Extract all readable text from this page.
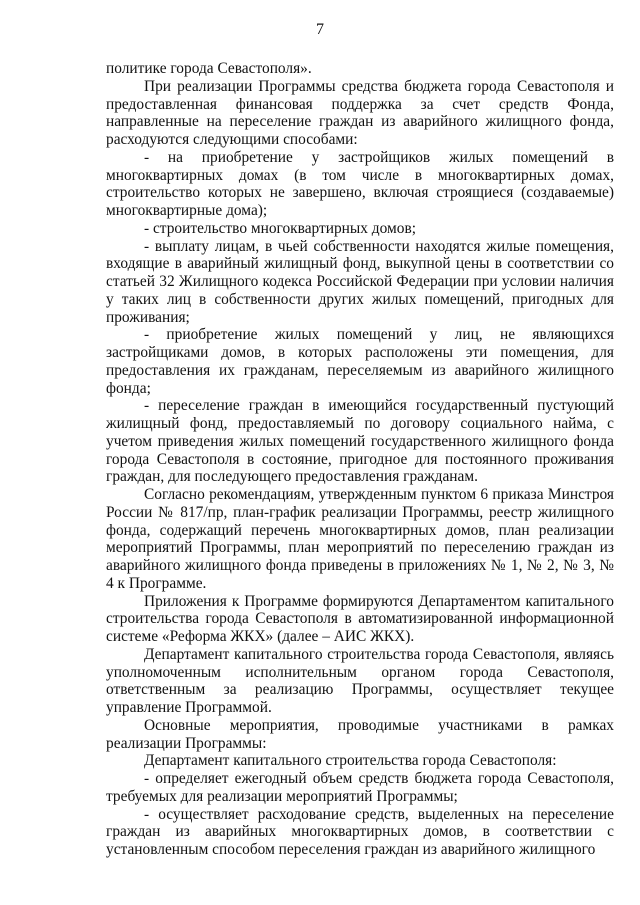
7

политике города Севастополя».

При реализации Программы средства бюджета города Севастополя и предоставленная финансовая поддержка за счет средств Фонда, направленные на переселение граждан из аварийного жилищного фонда, расходуются следующими способами:

- на приобретение у застройщиков жилых помещений в многоквартирных домах (в том числе в многоквартирных домах, строительство которых не завершено, включая строящиеся (создаваемые) многоквартирные дома);

- строительство многоквартирных домов;

- выплату лицам, в чьей собственности находятся жилые помещения, входящие в аварийный жилищный фонд, выкупной цены в соответствии со статьей 32 Жилищного кодекса Российской Федерации при условии наличия у таких лиц в собственности других жилых помещений, пригодных для проживания;

- приобретение жилых помещений у лиц, не являющихся застройщиками домов, в которых расположены эти помещения, для предоставления их гражданам, переселяемым из аварийного жилищного фонда;

- переселение граждан в имеющийся государственный пустующий жилищный фонд, предоставляемый по договору социального найма, с учетом приведения жилых помещений государственного жилищного фонда города Севастополя в состояние, пригодное для постоянного проживания граждан, для последующего предоставления гражданам.

Согласно рекомендациям, утвержденным пунктом 6 приказа Минстроя России № 817/пр, план-график реализации Программы, реестр жилищного фонда, содержащий перечень многоквартирных домов, план реализации мероприятий Программы, план мероприятий по переселению граждан из аварийного жилищного фонда приведены в приложениях № 1, № 2, № 3, № 4 к Программе.

Приложения к Программе формируются Департаментом капитального строительства города Севастополя в автоматизированной информационной системе «Реформа ЖКХ» (далее – АИС ЖКХ).

Департамент капитального строительства города Севастополя, являясь уполномоченным исполнительным органом города Севастополя, ответственным за реализацию Программы, осуществляет текущее управление Программой.

Основные мероприятия, проводимые участниками в рамках реализации Программы:

Департамент капитального строительства города Севастополя:

- определяет ежегодный объем средств бюджета города Севастополя, требуемых для реализации мероприятий Программы;

- осуществляет расходование средств, выделенных на переселение граждан из аварийных многоквартирных домов, в соответствии с установленным способом переселения граждан из аварийного жилищного
